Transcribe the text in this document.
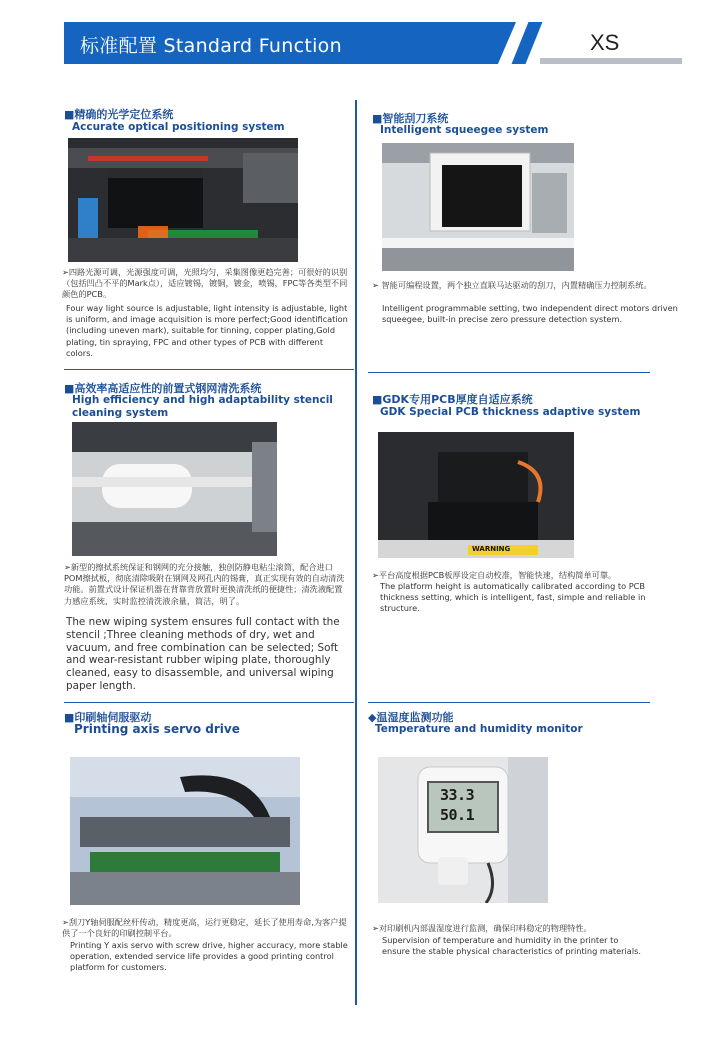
标准配置 Standard Function	XS
■精确的光学定位系统
Accurate optical positioning system
➢四路光源可调，光源强度可调，光照均匀，采集图像更趋完善；可很好的识别（包括凹凸不平的Mark点），适应镀锡，镀铜，镀金，喷锡，FPC等各类型不同颜色的PCB。
Four way light source is adjustable, light intensity is adjustable, light is uniform, and image acquisition is more perfect;Good identification (including uneven mark), suitable for tinning, copper plating,Gold plating, tin spraying, FPC and other types of PCB with different colors.
■智能刮刀系统
Intelligent squeegee system
➢ 智能可编程设置，两个独立直联马达驱动的刮刀，内置精确压力控制系统。
Intelligent programmable setting, two independent direct motors driven squeegee, built-in precise zero pressure detection system.
■高效率高适应性的前置式钢网清洗系统
High efficiency and high adaptability stencil cleaning system
➢新型的擦拭系统保证和钢网的充分接触，独创防静电粘尘滚筒，配合进口POM擦拭板，彻底清除吸附在钢网及网孔内的锡膏，真正实现有效的自动清洗功能。前置式设计保证机器在背靠背放置时更换清洗纸的便捷性；清洗液配置力感应系统，实时监控清洗液余量，简洁，明了。
The new wiping system ensures full contact with the stencil ;Three cleaning methods of dry, wet and vacuum, and free combination can be selected; Soft and wear-resistant rubber wiping plate, thoroughly cleaned, easy to disassemble, and universal wiping paper length.
■GDK专用PCB厚度自适应系统
GDK Special PCB thickness adaptive system
WARNING
➢平台高度根据PCB板厚设定自动校准，智能快速，结构简单可靠。
The platform height is automatically calibrated according to PCB thickness setting, which is intelligent, fast, simple and reliable in structure.
■印刷轴伺服驱动
Printing axis servo drive
➢刮刀Y轴伺服配丝杆传动，精度更高，运行更稳定，延长了使用寿命,为客户提供了一个良好的印刷控制平台。
Printing Y axis servo with screw drive, higher accuracy, more stable operation, extended service life provides a good printing control platform for customers.
◆温湿度监测功能
Temperature and humidity monitor
33.3
50.1
➢对印刷机内部温湿度进行监测，确保印料稳定的物理特性。
Supervision of temperature and humidity in the printer to ensure the stable physical characteristics of printing materials.
